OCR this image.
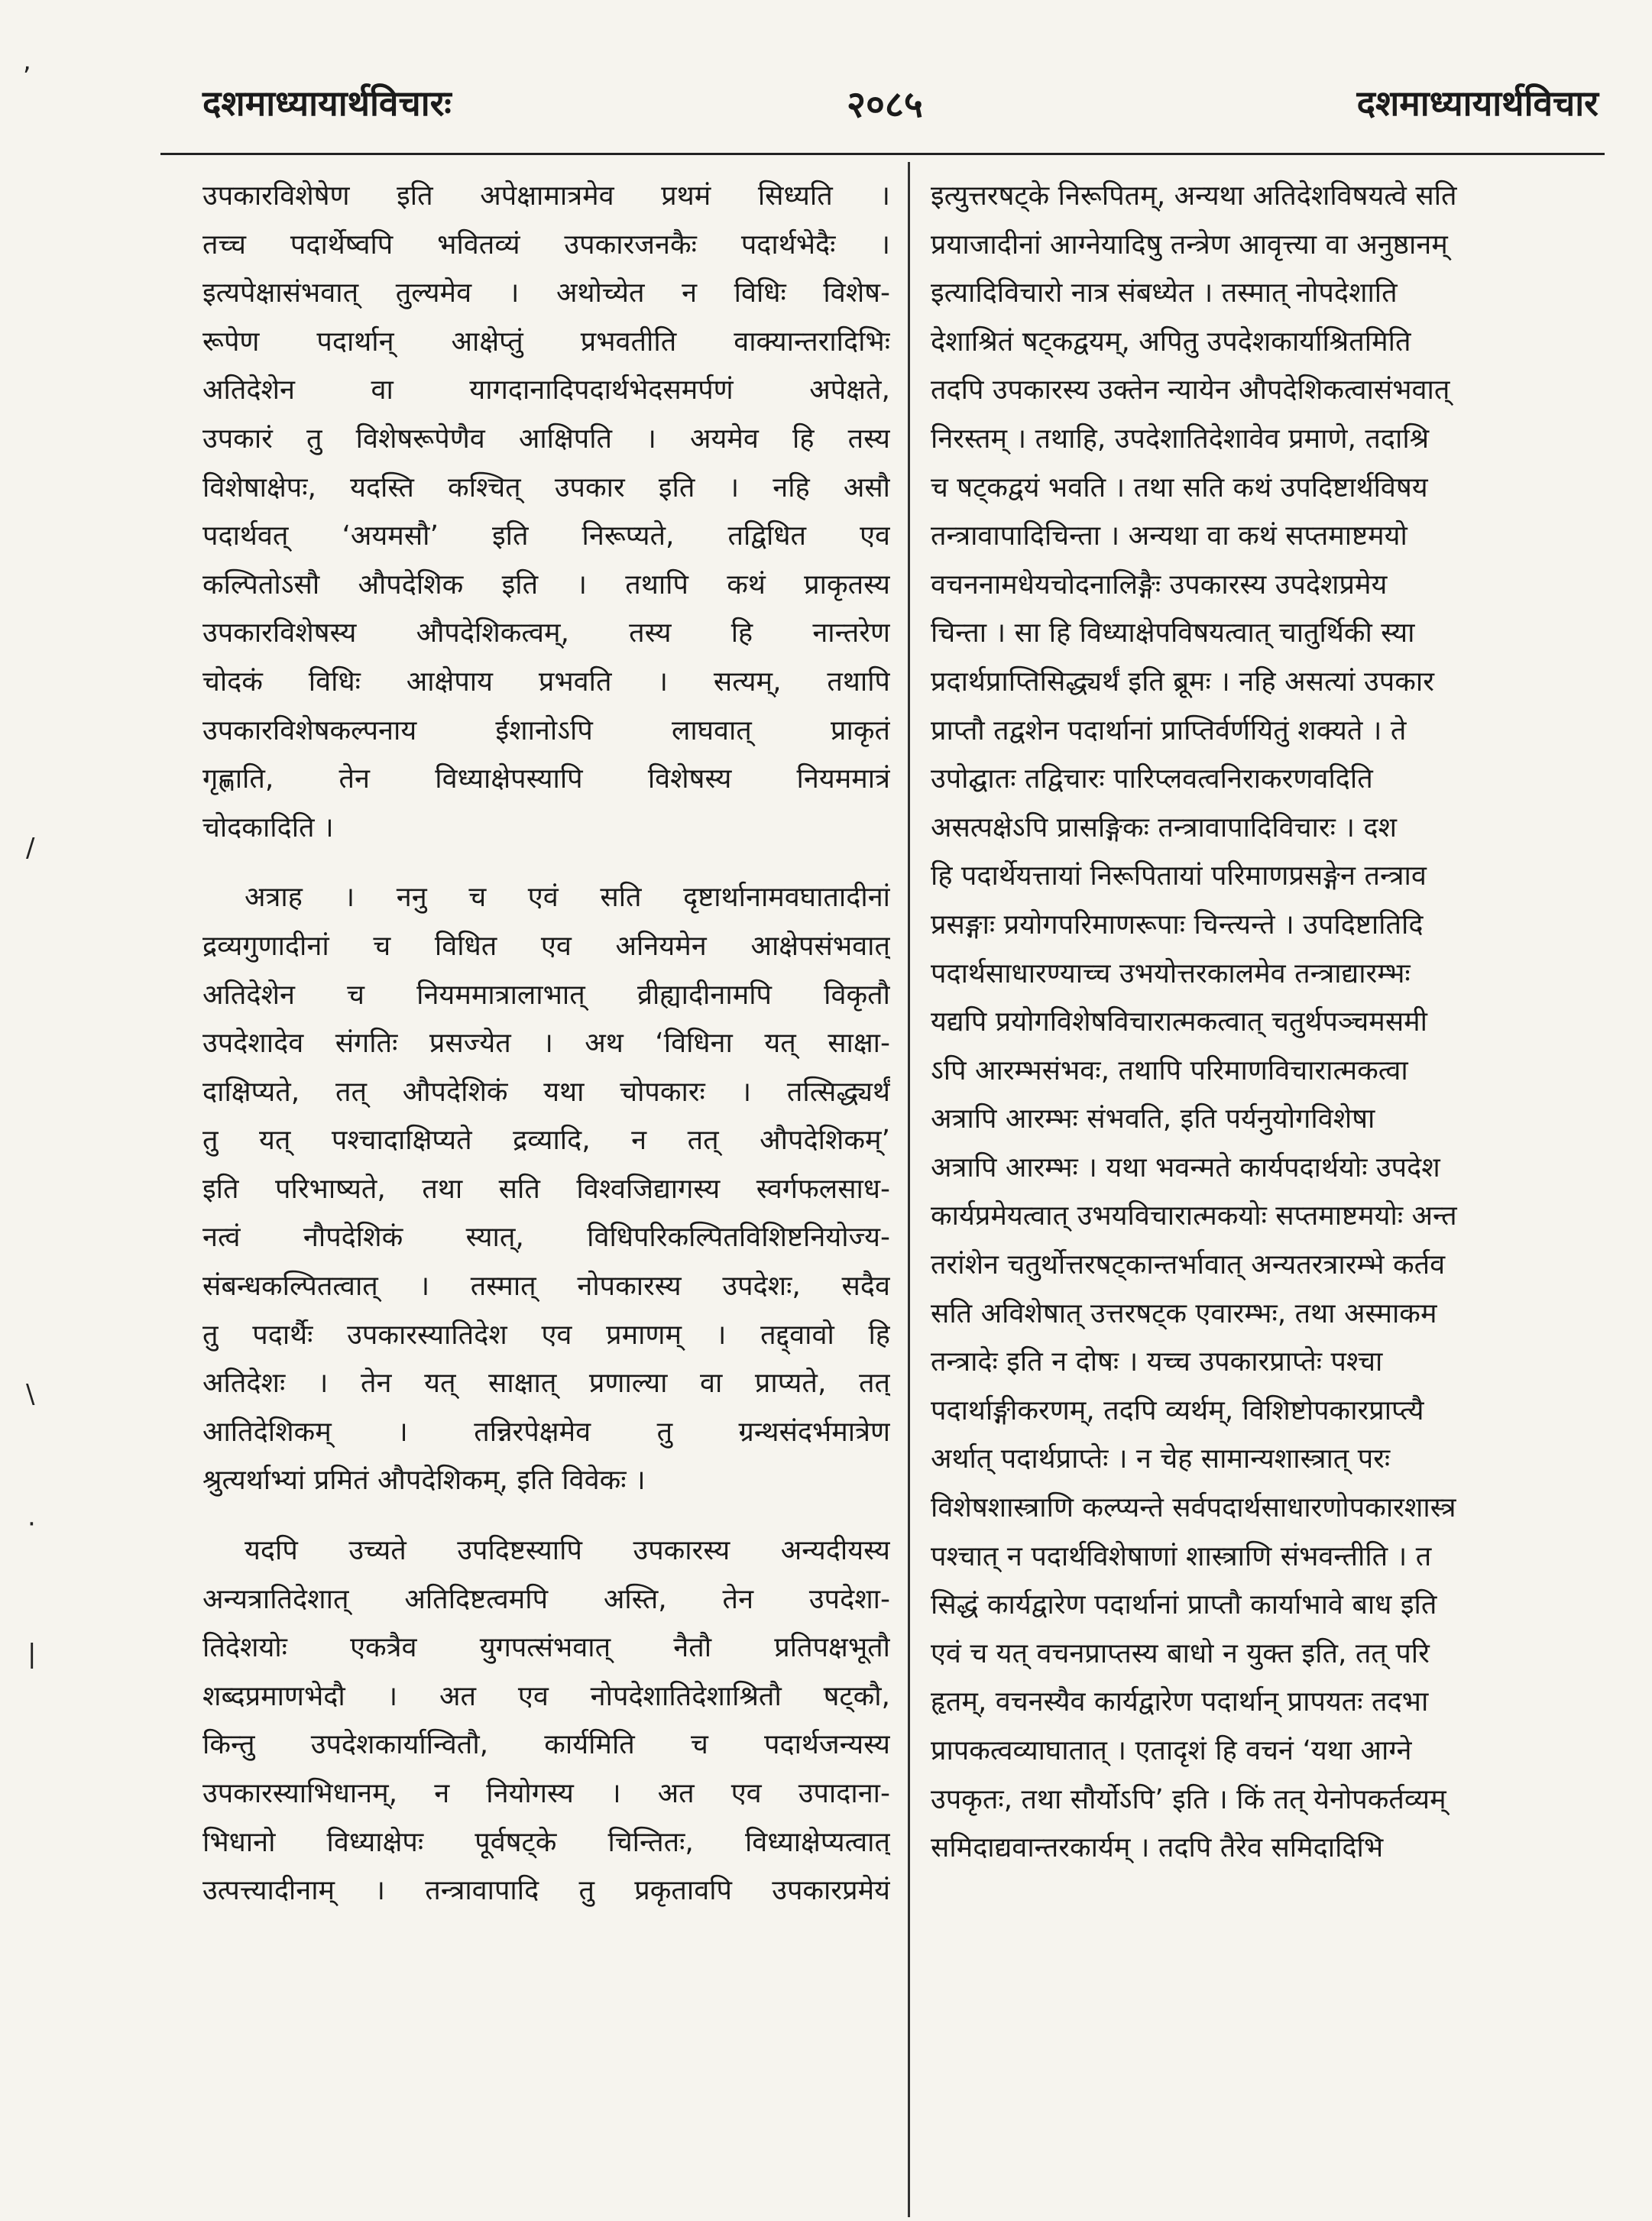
,
/
\
·
|
दशमाध्यायार्थविचारः	२०८५	दशमाध्यायार्थविचार
उपकारविशेषेण इति अपेक्षामात्रमेव प्रथमं सिध्यति ।
तच्च पदार्थेष्वपि भवितव्यं उपकारजनकैः पदार्थभेदैः ।
इत्यपेक्षासंभवात् तुल्यमेव । अथोच्येत न विधिः विशेष-
रूपेण पदार्थान् आक्षेप्तुं प्रभवतीति वाक्यान्तरादिभिः
अतिदेशेन वा यागदानादिपदार्थभेदसमर्पणं अपेक्षते,
उपकारं तु विशेषरूपेणैव आक्षिपति । अयमेव हि तस्य
विशेषाक्षेपः, यदस्ति कश्चित् उपकार इति । नहि असौ
पदार्थवत् ‘अयमसौ’ इति निरूप्यते, तद्विधित एव
कल्पितोऽसौ औपदेशिक इति । तथापि कथं प्राकृतस्य
उपकारविशेषस्य औपदेशिकत्वम्, तस्य हि नान्तरेण
चोदकं विधिः आक्षेपाय प्रभवति । सत्यम्, तथापि
उपकारविशेषकल्पनाय ईशानोऽपि लाघवात् प्राकृतं
गृह्णाति, तेन विध्याक्षेपस्यापि विशेषस्य नियममात्रं
चोदकादिति ।
अत्राह । ननु च एवं सति दृष्टार्थानामवघातादीनां
द्रव्यगुणादीनां च विधित एव अनियमेन आक्षेपसंभवात्
अतिदेशेन च नियममात्रालाभात् व्रीह्यादीनामपि विकृतौ
उपदेशादेव संगतिः प्रसज्येत । अथ ‘विधिना यत् साक्षा-
दाक्षिप्यते, तत् औपदेशिकं यथा चोपकारः । तत्सिद्ध्यर्थं
तु यत् पश्चादाक्षिप्यते द्रव्यादि, न तत् औपदेशिकम्’
इति परिभाष्यते, तथा सति विश्वजिद्यागस्य स्वर्गफलसाध-
नत्वं नौपदेशिकं स्यात्, विधिपरिकल्पितविशिष्टनियोज्य-
संबन्धकल्पितत्वात् । तस्मात् नोपकारस्य उपदेशः, सदैव
तु पदार्थैः उपकारस्यातिदेश एव प्रमाणम् । तद्द्वावो हि
अतिदेशः । तेन यत् साक्षात् प्रणाल्या वा प्राप्यते, तत्
आतिदेशिकम् । तन्निरपेक्षमेव तु ग्रन्थसंदर्भमात्रेण
श्रुत्यर्थाभ्यां प्रमितं औपदेशिकम्, इति विवेकः ।
यदपि उच्यते उपदिष्टस्यापि उपकारस्य अन्यदीयस्य
अन्यत्रातिदेशात् अतिदिष्टत्वमपि अस्ति, तेन उपदेशा-
तिदेशयोः एकत्रैव युगपत्संभवात् नैतौ प्रतिपक्षभूतौ
शब्दप्रमाणभेदौ । अत एव नोपदेशातिदेशाश्रितौ षट्कौ,
किन्तु उपदेशकार्यान्वितौ, कार्यमिति च पदार्थजन्यस्य
उपकारस्याभिधानम्, न नियोगस्य । अत एव उपादाना-
भिधानो विध्याक्षेपः पूर्वषट्के चिन्तितः, विध्याक्षेप्यत्वात्
उत्पत्त्यादीनाम् । तन्त्रावापादि तु प्रकृतावपि उपकारप्रमेयं
इत्युत्तरषट्के निरूपितम्, अन्यथा अतिदेशविषयत्वे सति
प्रयाजादीनां आग्नेयादिषु तन्त्रेण आवृत्त्या वा अनुष्ठानम्
इत्यादिविचारो नात्र संबध्येत । तस्मात् नोपदेशाति
देशाश्रितं षट्कद्वयम्, अपितु उपदेशकार्याश्रितमिति
तदपि उपकारस्य उक्तेन न्यायेन औपदेशिकत्वासंभवात्
निरस्तम् । तथाहि, उपदेशातिदेशावेव प्रमाणे, तदाश्रि
च षट्कद्वयं भवति । तथा सति कथं उपदिष्टार्थविषय
तन्त्रावापादिचिन्ता । अन्यथा वा कथं सप्तमाष्टमयो
वचननामधेयचोदनालिङ्गैः उपकारस्य उपदेशप्रमेय
चिन्ता । सा हि विध्याक्षेपविषयत्वात् चातुर्थिकी स्या
प्रदार्थप्राप्तिसिद्ध्यर्थं इति ब्रूमः । नहि असत्यां उपकार
प्राप्तौ तद्वशेन पदार्थानां प्राप्तिर्वर्णयितुं शक्यते । ते
उपोद्घातः तद्विचारः पारिप्लवत्वनिराकरणवदिति
असत्पक्षेऽपि प्रासङ्गिकः तन्त्रावापादिविचारः । दश
हि पदार्थेयत्तायां निरूपितायां परिमाणप्रसङ्गेन तन्त्राव
प्रसङ्गाः प्रयोगपरिमाणरूपाः चिन्त्यन्ते । उपदिष्टातिदि
पदार्थसाधारण्याच्च उभयोत्तरकालमेव तन्त्राद्यारम्भः
यद्यपि प्रयोगविशेषविचारात्मकत्वात् चतुर्थपञ्चमसमी
ऽपि आरम्भसंभवः, तथापि परिमाणविचारात्मकत्वा
अत्रापि आरम्भः संभवति, इति पर्यनुयोगविशेषा
अत्रापि आरम्भः । यथा भवन्मते कार्यपदार्थयोः उपदेश
कार्यप्रमेयत्वात् उभयविचारात्मकयोः सप्तमाष्टमयोः अन्त
तरांशेन चतुर्थोत्तरषट्कान्तर्भावात् अन्यतरत्रारम्भे कर्तव
सति अविशेषात् उत्तरषट्क एवारम्भः, तथा अस्माकम
तन्त्रादेः इति न दोषः । यच्च उपकारप्राप्तेः पश्चा
पदार्थाङ्गीकरणम्, तदपि व्यर्थम्, विशिष्टोपकारप्राप्त्यै
अर्थात् पदार्थप्राप्तेः । न चेह सामान्यशास्त्रात् परः
विशेषशास्त्राणि कल्प्यन्ते सर्वपदार्थसाधारणोपकारशास्त्र
पश्चात् न पदार्थविशेषाणां शास्त्राणि संभवन्तीति । त
सिद्धं कार्यद्वारेण पदार्थानां प्राप्तौ कार्याभावे बाध इति
एवं च यत् वचनप्राप्तस्य बाधो न युक्त इति, तत् परि
हृतम्, वचनस्यैव कार्यद्वारेण पदार्थान् प्रापयतः तदभा
प्रापकत्वव्याघातात् । एतादृशं हि वचनं ‘यथा आग्ने
उपकृतः, तथा सौर्योऽपि’ इति । किं तत् येनोपकर्तव्यम्
समिदाद्यवान्तरकार्यम् । तदपि तैरेव समिदादिभि
